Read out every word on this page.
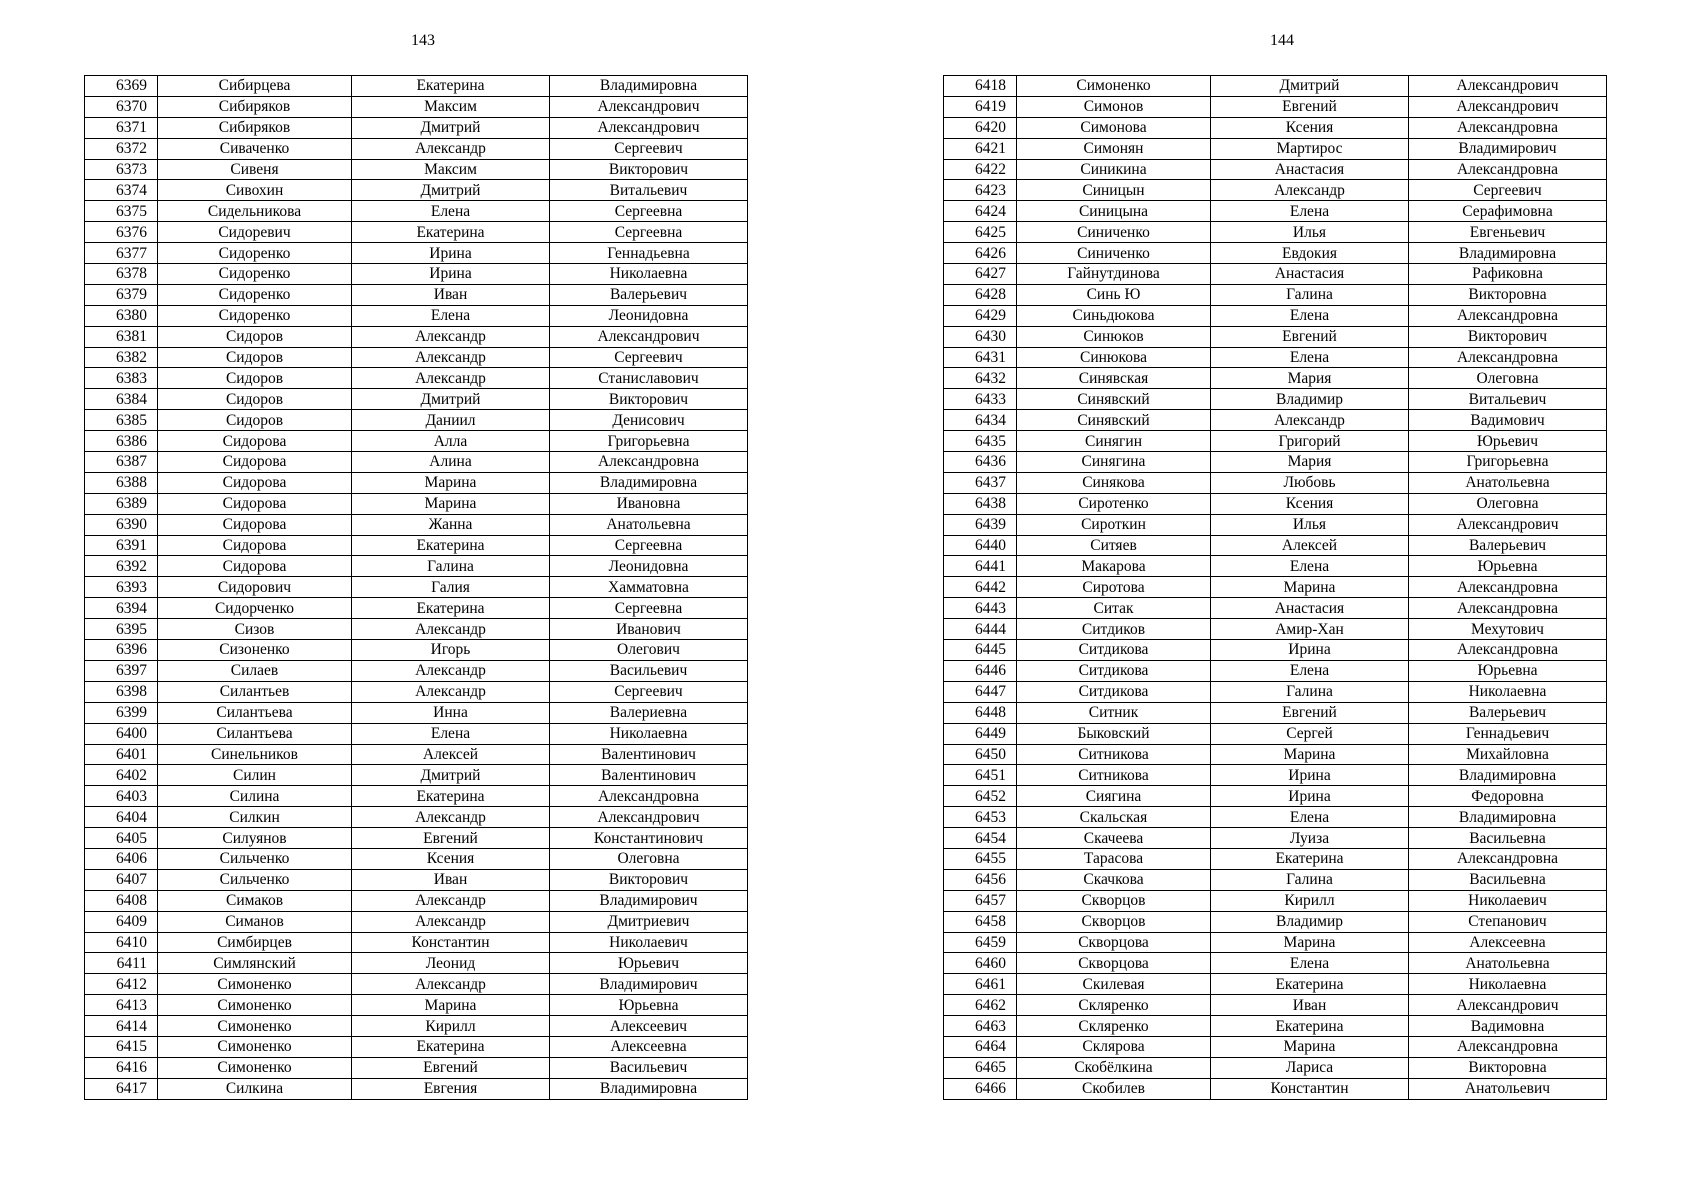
143	144
6369	Сибирцева	Екатерина	Владимировна
6370	Сибиряков	Максим	Александрович
6371	Сибиряков	Дмитрий	Александрович
6372	Сиваченко	Александр	Сергеевич
6373	Сивеня	Максим	Викторович
6374	Сивохин	Дмитрий	Витальевич
6375	Сидельникова	Елена	Сергеевна
6376	Сидоревич	Екатерина	Сергеевна
6377	Сидоренко	Ирина	Геннадьевна
6378	Сидоренко	Ирина	Николаевна
6379	Сидоренко	Иван	Валерьевич
6380	Сидоренко	Елена	Леонидовна
6381	Сидоров	Александр	Александрович
6382	Сидоров	Александр	Сергеевич
6383	Сидоров	Александр	Станиславович
6384	Сидоров	Дмитрий	Викторович
6385	Сидоров	Даниил	Денисович
6386	Сидорова	Алла	Григорьевна
6387	Сидорова	Алина	Александровна
6388	Сидорова	Марина	Владимировна
6389	Сидорова	Марина	Ивановна
6390	Сидорова	Жанна	Анатольевна
6391	Сидорова	Екатерина	Сергеевна
6392	Сидорова	Галина	Леонидовна
6393	Сидорович	Галия	Хамматовна
6394	Сидорченко	Екатерина	Сергеевна
6395	Сизов	Александр	Иванович
6396	Сизоненко	Игорь	Олегович
6397	Силаев	Александр	Васильевич
6398	Силантьев	Александр	Сергеевич
6399	Силантьева	Инна	Валериевна
6400	Силантьева	Елена	Николаевна
6401	Синельников	Алексей	Валентинович
6402	Силин	Дмитрий	Валентинович
6403	Силина	Екатерина	Александровна
6404	Силкин	Александр	Александрович
6405	Силуянов	Евгений	Константинович
6406	Сильченко	Ксения	Олеговна
6407	Сильченко	Иван	Викторович
6408	Симаков	Александр	Владимирович
6409	Симанов	Александр	Дмитриевич
6410	Симбирцев	Константин	Николаевич
6411	Симлянский	Леонид	Юрьевич
6412	Симоненко	Александр	Владимирович
6413	Симоненко	Марина	Юрьевна
6414	Симоненко	Кирилл	Алексеевич
6415	Симоненко	Екатерина	Алексеевна
6416	Симоненко	Евгений	Васильевич
6417	Силкина	Евгения	Владимировна
6418	Симоненко	Дмитрий	Александрович
6419	Симонов	Евгений	Александрович
6420	Симонова	Ксения	Александровна
6421	Симонян	Мартирос	Владимирович
6422	Синикина	Анастасия	Александровна
6423	Синицын	Александр	Сергеевич
6424	Синицына	Елена	Серафимовна
6425	Синиченко	Илья	Евгеньевич
6426	Синиченко	Евдокия	Владимировна
6427	Гайнутдинова	Анастасия	Рафиковна
6428	Синь Ю	Галина	Викторовна
6429	Синьдюкова	Елена	Александровна
6430	Синюков	Евгений	Викторович
6431	Синюкова	Елена	Александровна
6432	Синявская	Мария	Олеговна
6433	Синявский	Владимир	Витальевич
6434	Синявский	Александр	Вадимович
6435	Синягин	Григорий	Юрьевич
6436	Синягина	Мария	Григорьевна
6437	Синякова	Любовь	Анатольевна
6438	Сиротенко	Ксения	Олеговна
6439	Сироткин	Илья	Александрович
6440	Ситяев	Алексей	Валерьевич
6441	Макарова	Елена	Юрьевна
6442	Сиротова	Марина	Александровна
6443	Ситак	Анастасия	Александровна
6444	Ситдиков	Амир-Хан	Мехутович
6445	Ситдикова	Ирина	Александровна
6446	Ситдикова	Елена	Юрьевна
6447	Ситдикова	Галина	Николаевна
6448	Ситник	Евгений	Валерьевич
6449	Быковский	Сергей	Геннадьевич
6450	Ситникова	Марина	Михайловна
6451	Ситникова	Ирина	Владимировна
6452	Сиягина	Ирина	Федоровна
6453	Скальская	Елена	Владимировна
6454	Скачеева	Луиза	Васильевна
6455	Тарасова	Екатерина	Александровна
6456	Скачкова	Галина	Васильевна
6457	Скворцов	Кирилл	Николаевич
6458	Скворцов	Владимир	Степанович
6459	Скворцова	Марина	Алексеевна
6460	Скворцова	Елена	Анатольевна
6461	Скилевая	Екатерина	Николаевна
6462	Скляренко	Иван	Александрович
6463	Скляренко	Екатерина	Вадимовна
6464	Склярова	Марина	Александровна
6465	Скобёлкина	Лариса	Викторовна
6466	Скобилев	Константин	Анатольевич
